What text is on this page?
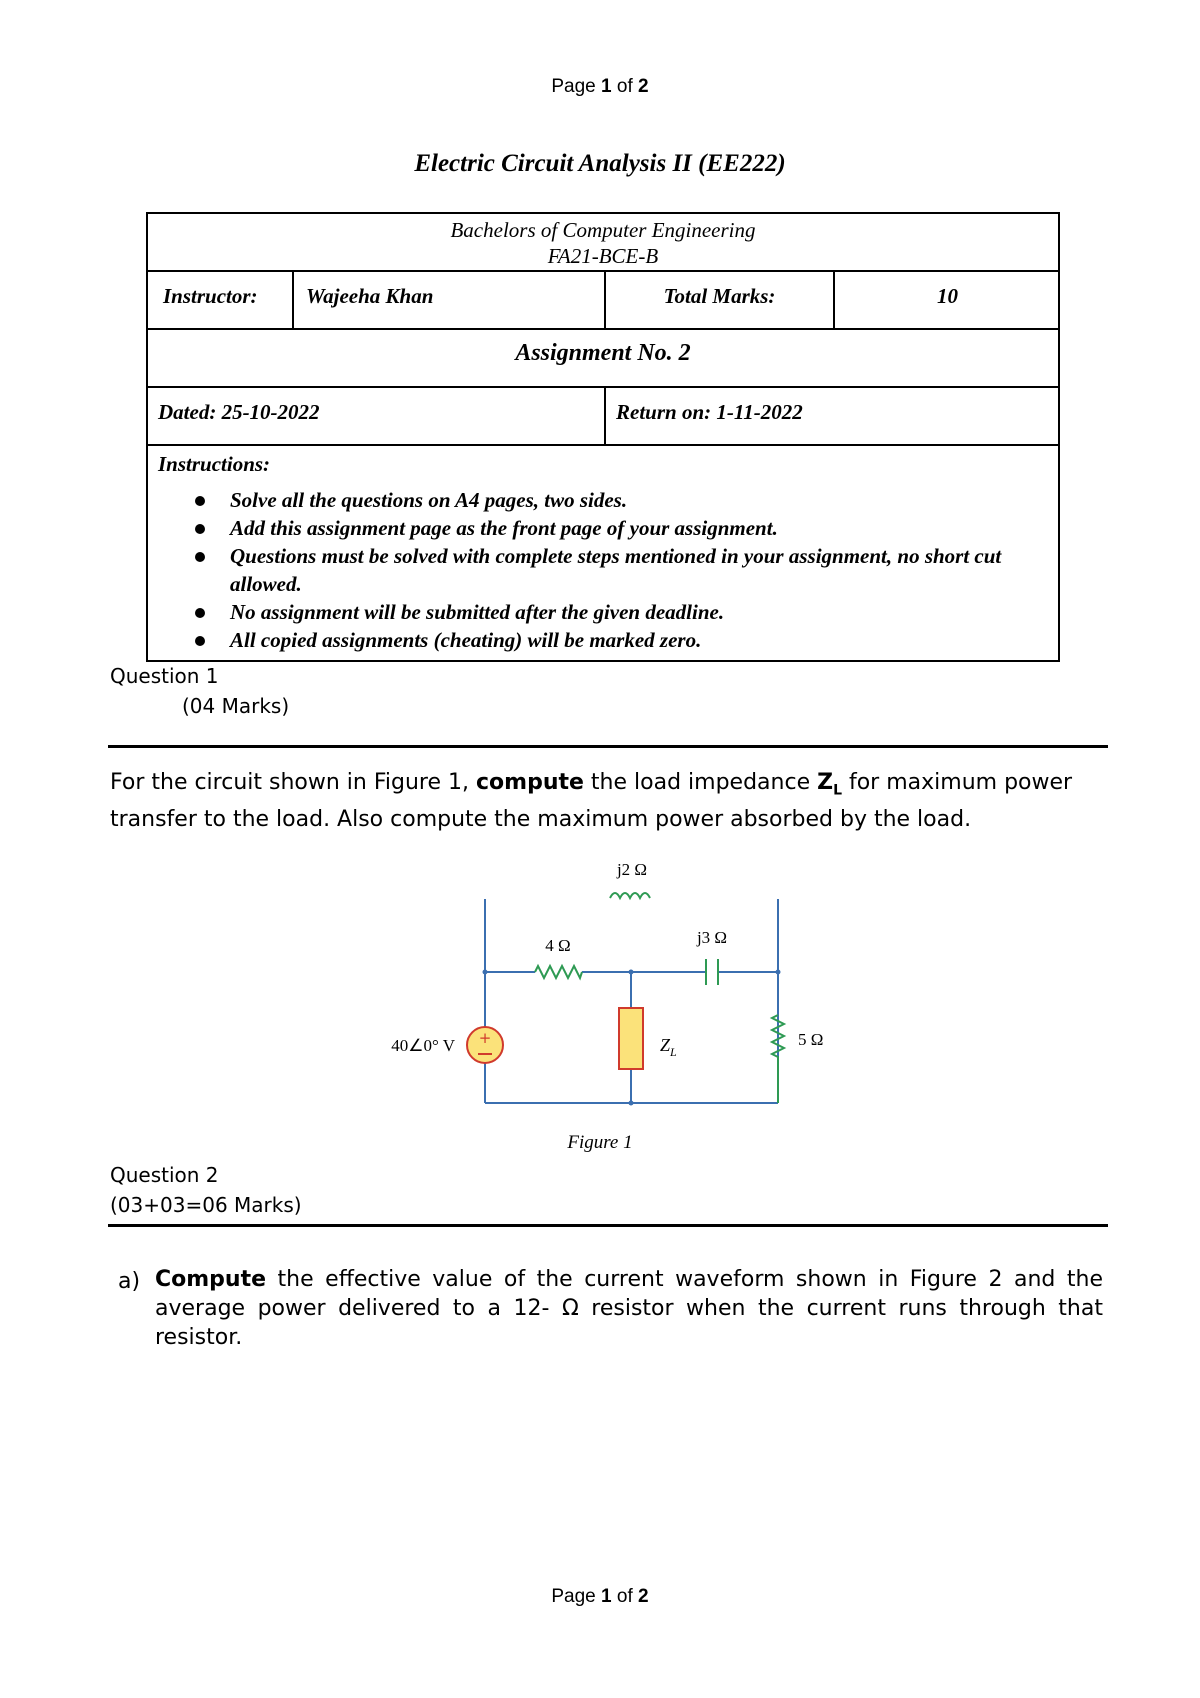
Page 1 of 2
Electric Circuit Analysis II (EE222)
Bachelors of Computer Engineering
FA21-BCE-B
Instructor: Wajeeha Khan	Total Marks:	10
Assignment No. 2
Dated: 25-10-2022	Return on: 1-11-2022
Instructions:
Solve all the questions on A4 pages, two sides.
Add this assignment page as the front page of your assignment.
Questions must be solved with complete steps mentioned in your assignment, no short cut allowed.
No assignment will be submitted after the given deadline.
All copied assignments (cheating) will be marked zero.
Question 1
(04 Marks)
For the circuit shown in Figure 1, compute the load impedance $Z_L$ for maximum power transfer to the load. Also compute the maximum power absorbed by the load.
j2 Ω
4 Ω	j3 Ω
+
40∠0° V	$Z_L$
5 Ω
Figure 1
Question 2
(03+03=06 Marks)
a) Compute the effective value of the current waveform shown in Figure 2 and the average power delivered to a 12- Ω resistor when the current runs through that resistor.
Page 1 of 2
